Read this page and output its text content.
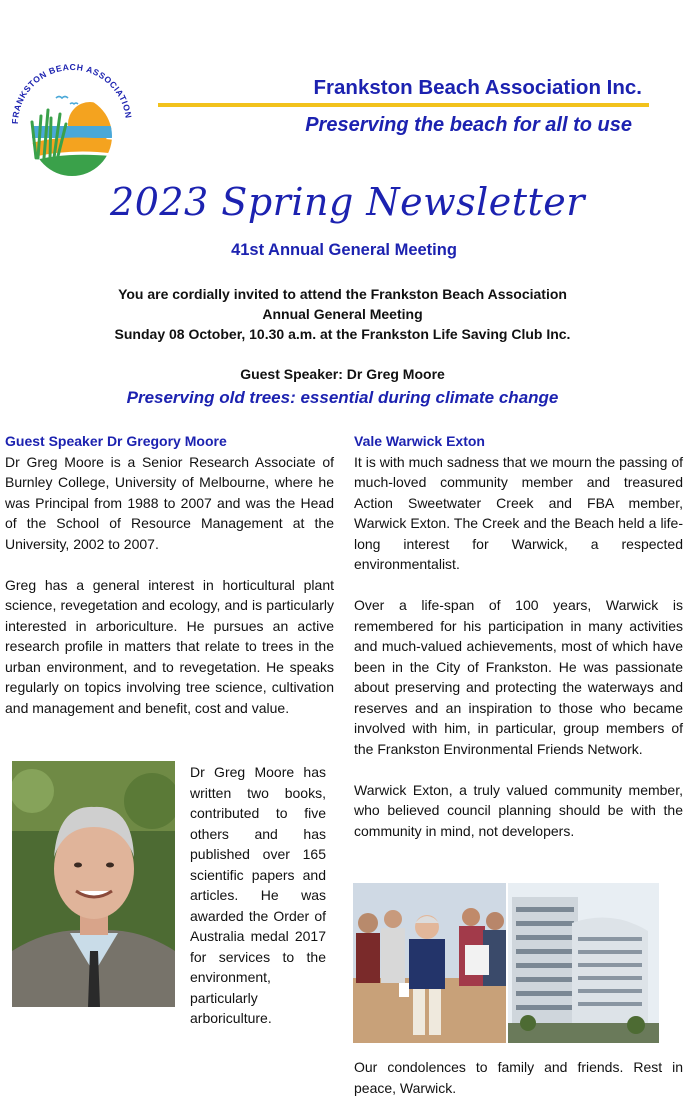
FRANKSTON BEACH ASSOCIATION
Frankston Beach Association Inc.
Preserving the beach for all to use
2023 Spring Newsletter
41st Annual General Meeting
You are cordially invited to attend the Frankston Beach Association
Annual General Meeting
Sunday 08 October, 10.30 a.m. at the Frankston Life Saving Club Inc.
Guest Speaker: Dr Greg Moore
Preserving old trees: essential during climate change
Guest Speaker Dr Gregory Moore

Dr Greg Moore is a Senior Research Associate of Burnley College, University of Melbourne, where he was Principal from 1988 to 2007 and was the Head of the School of Resource Management at the University, 2002 to 2007.

Greg has a general interest in horticultural plant science, revegetation and ecology, and is particularly interested in arboriculture. He pursues an active research profile in matters that relate to trees in the urban environment, and to revegetation. He speaks regularly on topics involving tree science, cultivation and management and benefit, cost and value.

Dr Greg Moore has written two books, contributed to five others and has published over 165 scientific papers and articles. He was awarded the Order of Australia medal 2017 for services to the environment, particularly arboriculture.
Vale Warwick Exton

It is with much sadness that we mourn the passing of much-loved community member and treasured Action Sweetwater Creek and FBA member, Warwick Exton. The Creek and the Beach held a life-long interest for Warwick, a respected environmentalist.

Over a life-span of 100 years, Warwick is remembered for his participation in many activities and much-valued achievements, most of which have been in the City of Frankston. He was passionate about preserving and protecting the waterways and reserves and an inspiration to those who became involved with him, in particular, group members of the Frankston Environmental Friends Network.

Warwick Exton, a truly valued community member, who believed council planning should be with the community in mind, not developers.

Our condolences to family and friends. Rest in peace, Warwick.
